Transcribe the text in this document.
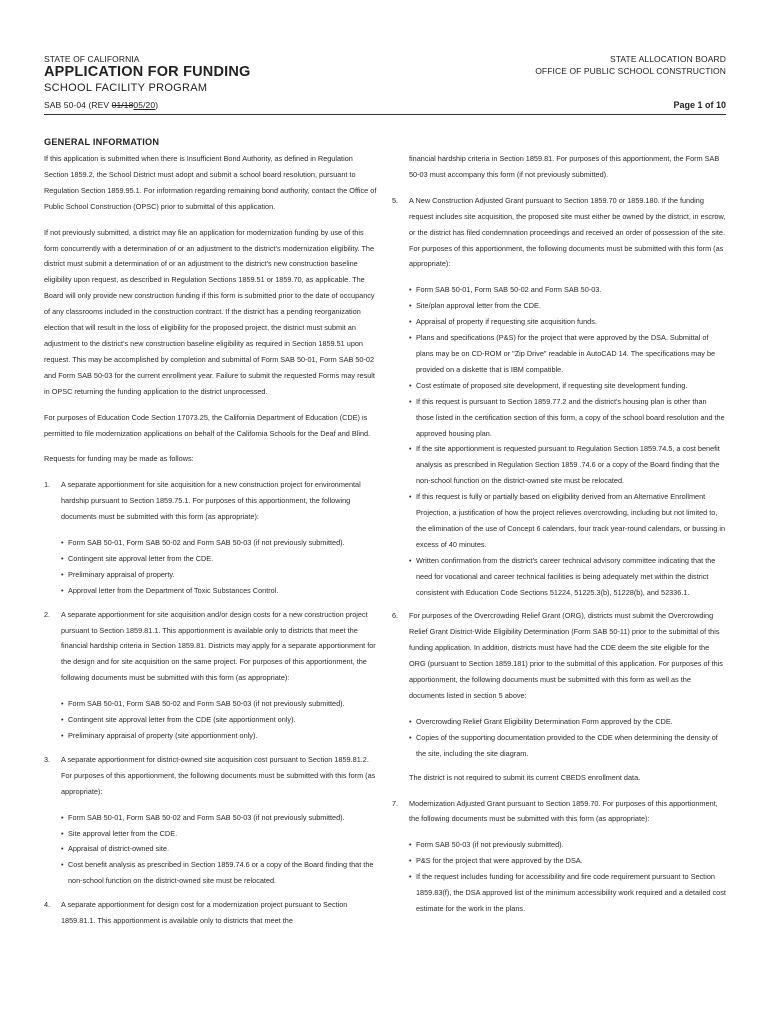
STATE OF CALIFORNIA
APPLICATION FOR FUNDING
SCHOOL FACILITY PROGRAM
SAB 50-04 (REV 01/1805/20)
STATE ALLOCATION BOARD
OFFICE OF PUBLIC SCHOOL CONSTRUCTION
Page 1 of 10
GENERAL INFORMATION

If this application is submitted when there is Insufficient Bond Authority, as defined in Regulation Section 1859.2, the School District must adopt and submit a school board resolution, pursuant to Regulation Section 1859.95.1. For information regarding remaining bond authority, contact the Office of Public School Construction (OPSC) prior to submittal of this application.

If not previously submitted, a district may file an application for modernization funding by use of this form concurrently with a determination of or an adjustment to the district's modernization eligibility. The district must submit a determination of or an adjustment to the district's new construction baseline eligibility upon request, as described in Regulation Sections 1859.51 or 1859.70, as applicable. The Board will only provide new construction funding if this form is submitted prior to the date of occupancy of any classrooms included in the construction contract. If the district has a pending reorganization election that will result in the loss of eligibility for the proposed project, the district must submit an adjustment to the district's new construction baseline eligibility as required in Section 1859.51 upon request. This may be accomplished by completion and submittal of Form SAB 50-01, Form SAB 50-02 and Form SAB 50-03 for the current enrollment year. Failure to submit the requested Forms may result in OPSC returning the funding application to the district unprocessed.

For purposes of Education Code Section 17073.25, the California Department of Education (CDE) is permitted to file modernization applications on behalf of the California Schools for the Deaf and Blind.

Requests for funding may be made as follows:

1. A separate apportionment for site acquisition for a new construction project for environmental hardship pursuant to Section 1859.75.1. For purposes of this apportionment, the following documents must be submitted with this form (as appropriate):

• Form SAB 50-01, Form SAB 50-02 and Form SAB 50-03 (if not previously submitted).
• Contingent site approval letter from the CDE.
• Preliminary appraisal of property.
• Approval letter from the Department of Toxic Substances Control.
2. A separate apportionment for site acquisition and/or design costs for a new construction project pursuant to Section 1859.81.1. This apportionment is available only to districts that meet the financial hardship criteria in Section 1859.81. Districts may apply for a separate apportionment for the design and for site acquisition on the same project. For purposes of this apportionment, the following documents must be submitted with this form (as appropriate):

• Form SAB 50-01, Form SAB 50-02 and Form SAB 50-03 (if not previously submitted).
• Contingent site approval letter from the CDE (site apportionment only).
• Preliminary appraisal of property (site apportionment only).
3. A separate apportionment for district-owned site acquisition cost pursuant to Section 1859.81.2. For purposes of this apportionment, the following documents must be submitted with this form (as appropriate):

• Form SAB 50-01, Form SAB 50-02 and Form SAB 50-03 (if not previously submitted).
• Site approval letter from the CDE.
• Appraisal of district-owned site.
• Cost benefit analysis as prescribed in Section 1859.74.6 or a copy of the Board finding that the non-school function on the district-owned site must be relocated.
4. A separate apportionment for design cost for a modernization project pursuant to Section 1859.81.1. This apportionment is available only to districts that meet the

financial hardship criteria in Section 1859.81. For purposes of this apportionment, the Form SAB 50-03 must accompany this form (if not previously submitted).

5. A New Construction Adjusted Grant pursuant to Section 1859.70 or 1859.180. If the funding request includes site acquisition, the proposed site must either be owned by the district, in escrow, or the district has filed condemnation proceedings and received an order of possession of the site. For purposes of this apportionment, the following documents must be submitted with this form (as appropriate):

• Form SAB 50-01, Form SAB 50-02 and Form SAB 50-03.
• Site/plan approval letter from the CDE.
• Appraisal of property if requesting site acquisition funds.
• Plans and specifications (P&S) for the project that were approved by the DSA. Submittal of plans may be on CD-ROM or "Zip Drive" readable in AutoCAD 14. The specifications may be provided on a diskette that is IBM compatible.
• Cost estimate of proposed site development, if requesting site development funding.
• If this request is pursuant to Section 1859.77.2 and the district's housing plan is other than those listed in the certification section of this form, a copy of the school board resolution and the approved housing plan.
• If the site apportionment is requested pursuant to Regulation Section 1859.74.5, a cost benefit analysis as prescribed in Regulation Section 1859 .74.6 or a copy of the Board finding that the non-school function on the district-owned site must be relocated.
• If this request is fully or partially based on eligibility derived from an Alternative Enrollment Projection, a justification of how the project relieves overcrowding, including but not limited to, the elimination of the use of Concept 6 calendars, four track year-round calendars, or bussing in excess of 40 minutes.
• Written confirmation from the district's career technical advisory committee indicating that the need for vocational and career technical facilities is being adequately met within the district consistent with Education Code Sections 51224, 51225.3(b), 51228(b), and 52336.1.
6. For purposes of the Overcrowding Relief Grant (ORG), districts must submit the Overcrowding Relief Grant District-Wide Eligibility Determination (Form SAB 50-11) prior to the submittal of this funding application. In addition, districts must have had the CDE deem the site eligible for the ORG (pursuant to Section 1859.181) prior to the submittal of this application. For purposes of this apportionment, the following documents must be submitted with this form as well as the documents listed in section 5 above:

• Overcrowding Relief Grant Eligibility Determination Form approved by the CDE.
• Copies of the supporting documentation provided to the CDE when determining the density of the site, including the site diagram.

The district is not required to submit its current CBEDS enrollment data.

7. Modernization Adjusted Grant pursuant to Section 1859.70. For purposes of this apportionment, the following documents must be submitted with this form (as appropriate):

• Form SAB 50-03 (if not previously submitted).
• P&S for the project that were approved by the DSA.
• If the request includes funding for accessibility and fire code requirement pursuant to Section 1859.83(f), the DSA approved list of the minimum accessibility work required and a detailed cost estimate for the work in the plans.
